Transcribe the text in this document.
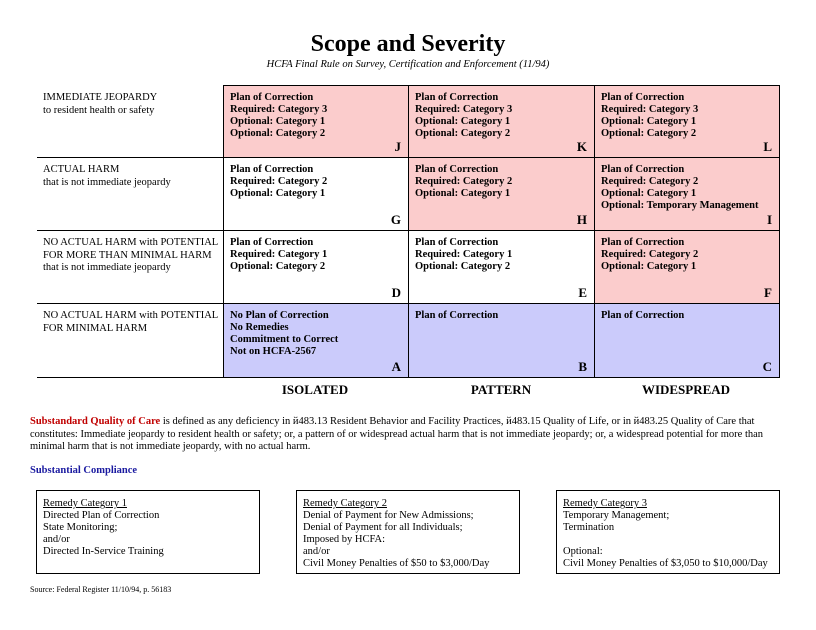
Scope and Severity
HCFA Final Rule on Survey, Certification and Enforcement (11/94)
Plan of Correction
Required: Category 3
Optional: Category 1
Optional: Category 2
J
Plan of Correction
Required: Category 3
Optional: Category 1
Optional: Category 2
K
Plan of Correction
Required: Category 3
Optional: Category 1
Optional: Category 2
L
Plan of Correction
Required: Category 2
Optional: Category 1
G
Plan of Correction
Required: Category 2
Optional: Category 1
H
Plan of Correction
Required: Category 2
Optional: Category 1
Optional: Temporary Management
I
Plan of Correction
Required: Category 1
Optional: Category 2
D
Plan of Correction
Required: Category 1
Optional: Category 2
E
Plan of Correction
Required: Category 2
Optional: Category 1
F
No Plan of Correction
No Remedies
Commitment to Correct
Not on HCFA-2567
A
Plan of Correction
B
Plan of Correction
C
IMMEDIATE JEOPARDY
to resident health or safety
ACTUAL HARM
that is not immediate jeopardy
NO ACTUAL HARM with POTENTIAL
FOR MORE THAN MINIMAL HARM
that is not immediate jeopardy
NO ACTUAL HARM with POTENTIAL
FOR MINIMAL HARM
ISOLATED	PATTERN	WIDESPREAD
Substandard Quality of Care is defined as any deficiency in й483.13 Resident Behavior and Facility Practices, й483.15 Quality of Life, or in й483.25 Quality of Care that constitutes: Immediate jeopardy to resident health or safety; or, a pattern of or widespread actual harm that is not immediate jeopardy; or, a widespread potential for more than minimal harm that is not immediate jeopardy, with no actual harm.
Substantial Compliance
Remedy Category 1
Directed Plan of Correction
State Monitoring;
and/or
Directed In-Service Training
Remedy Category 2
Denial of Payment for New Admissions;
Denial of Payment for all Individuals;
Imposed by HCFA:
and/or
Civil Money Penalties of $50 to $3,000/Day
Remedy Category 3
Temporary Management;
Termination
Optional:
Civil Money Penalties of $3,050 to $10,000/Day
Source: Federal Register 11/10/94, p. 56183
